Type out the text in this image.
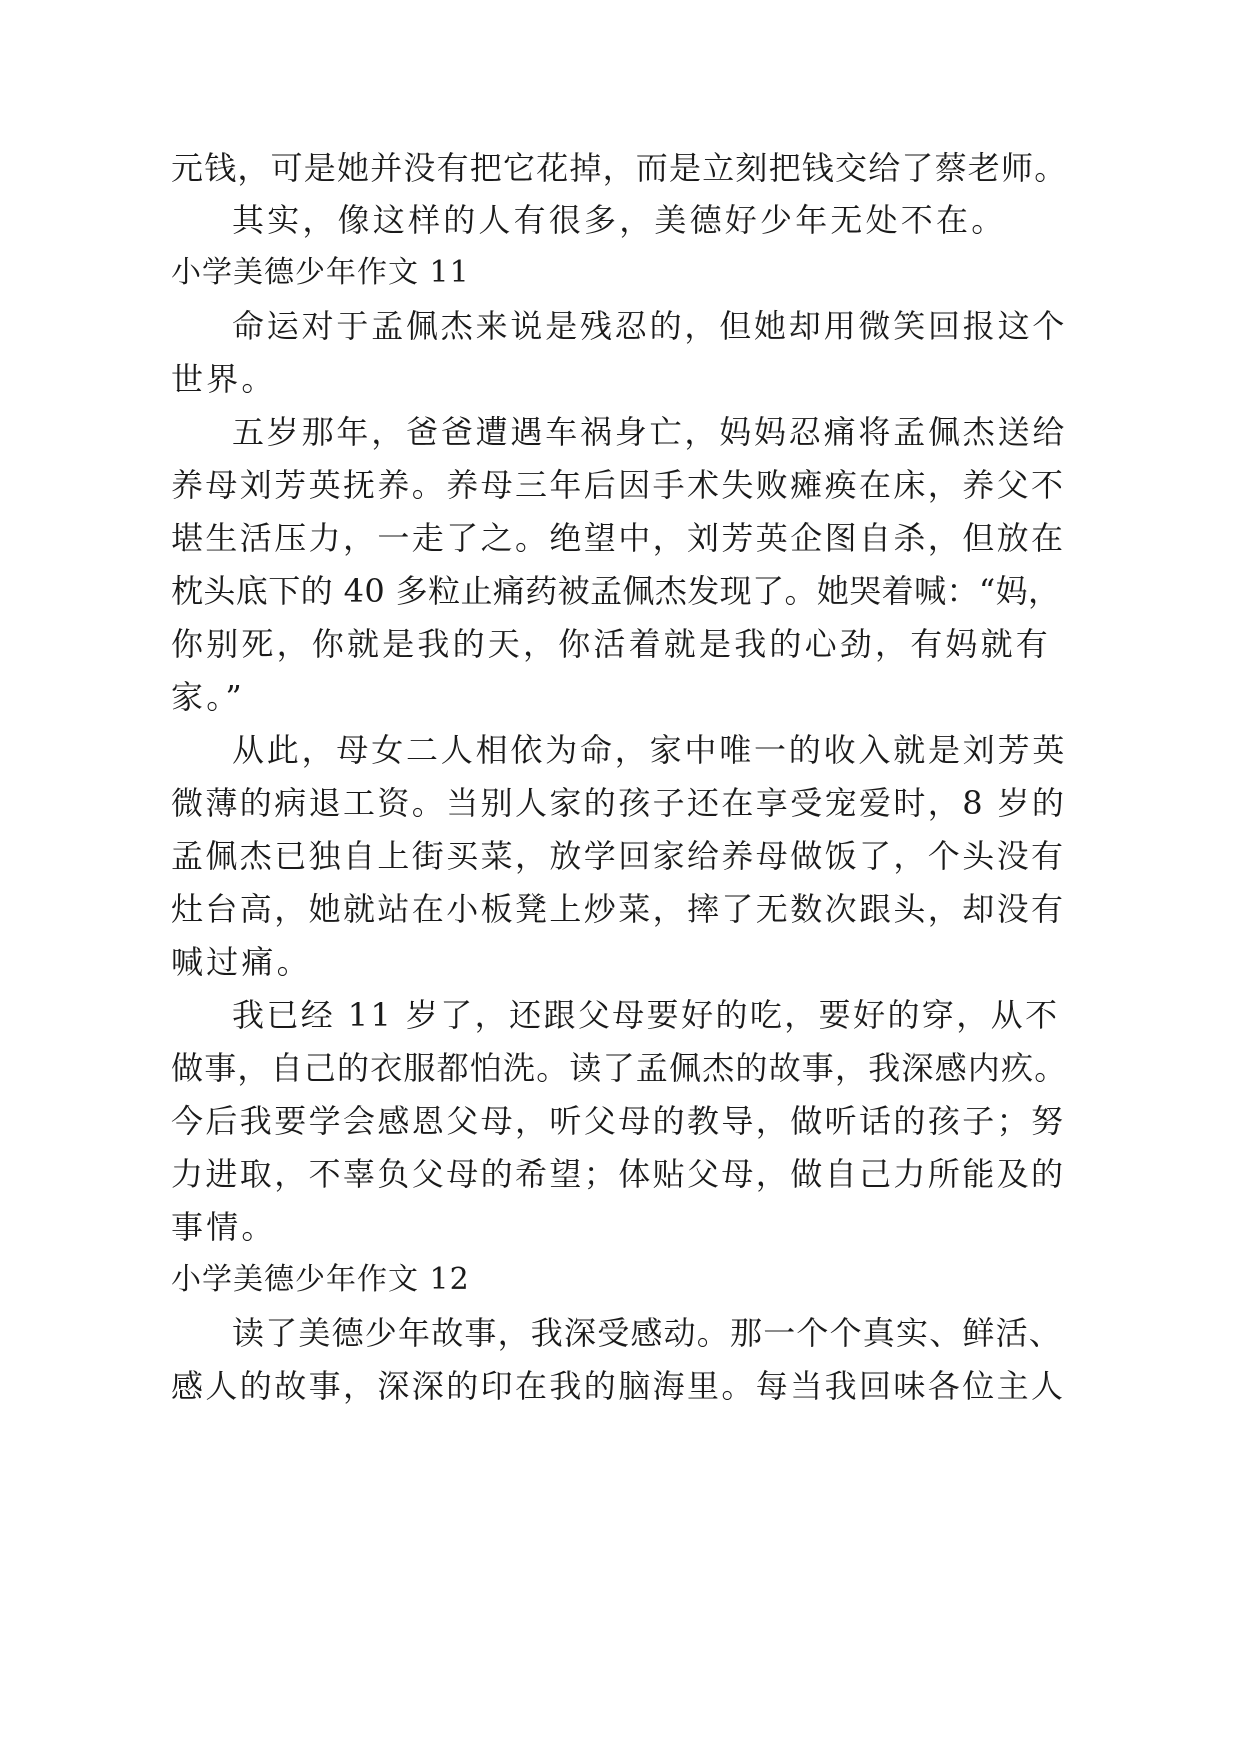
元钱，可是她并没有把它花掉，而是立刻把钱交给了蔡老师。

其实，像这样的人有很多，美德好少年无处不在。

小学美德少年作文 11

命运对于孟佩杰来说是残忍的，但她却用微笑回报这个

世界。

五岁那年，爸爸遭遇车祸身亡，妈妈忍痛将孟佩杰送给

养母刘芳英抚养。养母三年后因手术失败瘫痪在床，养父不

堪生活压力，一走了之。绝望中，刘芳英企图自杀，但放在

枕头底下的 40 多粒止痛药被孟佩杰发现了。她哭着喊：“妈，

你别死，你就是我的天，你活着就是我的心劲，有妈就有

家。”

从此，母女二人相依为命，家中唯一的收入就是刘芳英

微薄的病退工资。当别人家的孩子还在享受宠爱时，8 岁的

孟佩杰已独自上街买菜，放学回家给养母做饭了，个头没有

灶台高，她就站在小板凳上炒菜，摔了无数次跟头，却没有

喊过痛。

我已经 11 岁了，还跟父母要好的吃，要好的穿，从不

做事，自己的衣服都怕洗。读了孟佩杰的故事，我深感内疚。

今后我要学会感恩父母，听父母的教导，做听话的孩子；努

力进取，不辜负父母的希望；体贴父母，做自己力所能及的

事情。

小学美德少年作文 12

读了美德少年故事，我深受感动。那一个个真实、鲜活、

感人的故事，深深的印在我的脑海里。每当我回味各位主人
